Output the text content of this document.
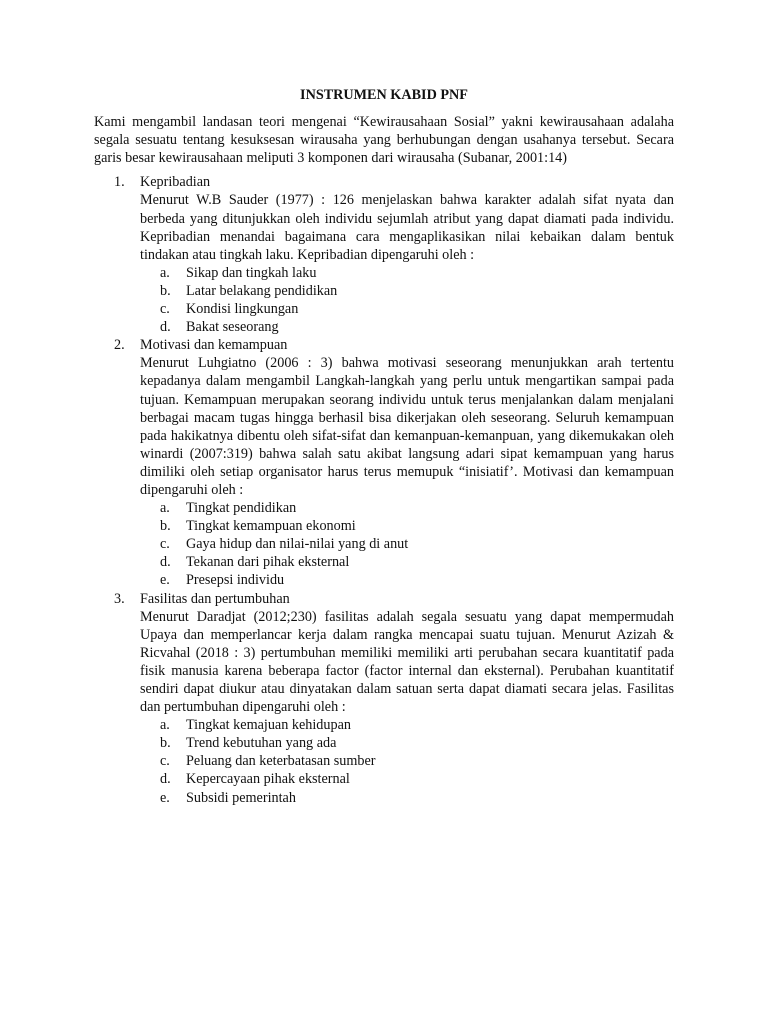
INSTRUMEN KABID PNF
Kami mengambil landasan teori mengenai “Kewirausahaan Sosial” yakni kewirausahaan adalaha segala sesuatu tentang kesuksesan wirausaha yang berhubungan dengan usahanya tersebut. Secara garis besar kewirausahaan meliputi 3 komponen dari wirausaha (Subanar, 2001:14)
1. Kepribadian
Menurut W.B Sauder (1977) : 126 menjelaskan bahwa karakter adalah sifat nyata dan berbeda yang ditunjukkan oleh individu sejumlah atribut yang dapat diamati pada individu. Kepribadian menandai bagaimana cara mengaplikasikan nilai kebaikan dalam bentuk tindakan atau tingkah laku. Kepribadian dipengaruhi oleh :
a. Sikap dan tingkah laku
b. Latar belakang pendidikan
c. Kondisi lingkungan
d. Bakat seseorang
2. Motivasi dan kemampuan
Menurut Luhgiatno (2006 : 3) bahwa motivasi seseorang menunjukkan arah tertentu kepadanya dalam mengambil Langkah-langkah yang perlu untuk mengartikan sampai pada tujuan. Kemampuan merupakan seorang individu untuk terus menjalankan dalam menjalani berbagai macam tugas hingga berhasil bisa dikerjakan oleh seseorang. Seluruh kemampuan pada hakikatnya dibentu oleh sifat-sifat dan kemanpuan-kemanpuan, yang dikemukakan oleh winardi (2007:319) bahwa salah satu akibat langsung adari sipat kemampuan yang harus dimiliki oleh setiap organisator harus terus memupuk “inisiatif’. Motivasi dan kemampuan dipengaruhi oleh :
a. Tingkat pendidikan
b. Tingkat kemampuan ekonomi
c. Gaya hidup dan nilai-nilai yang di anut
d. Tekanan dari pihak eksternal
e. Presepsi individu
3. Fasilitas dan pertumbuhan
Menurut Daradjat (2012;230) fasilitas adalah segala sesuatu yang dapat mempermudah Upaya dan memperlancar kerja dalam rangka mencapai suatu tujuan. Menurut Azizah & Ricvahal (2018 : 3) pertumbuhan memiliki memiliki arti perubahan secara kuantitatif pada fisik manusia karena beberapa factor (factor internal dan eksternal). Perubahan kuantitatif sendiri dapat diukur atau dinyatakan dalam satuan serta dapat diamati secara jelas. Fasilitas dan pertumbuhan dipengaruhi oleh :
a. Tingkat kemajuan kehidupan
b. Trend kebutuhan yang ada
c. Peluang dan keterbatasan sumber
d. Kepercayaan pihak eksternal
e. Subsidi pemerintah
